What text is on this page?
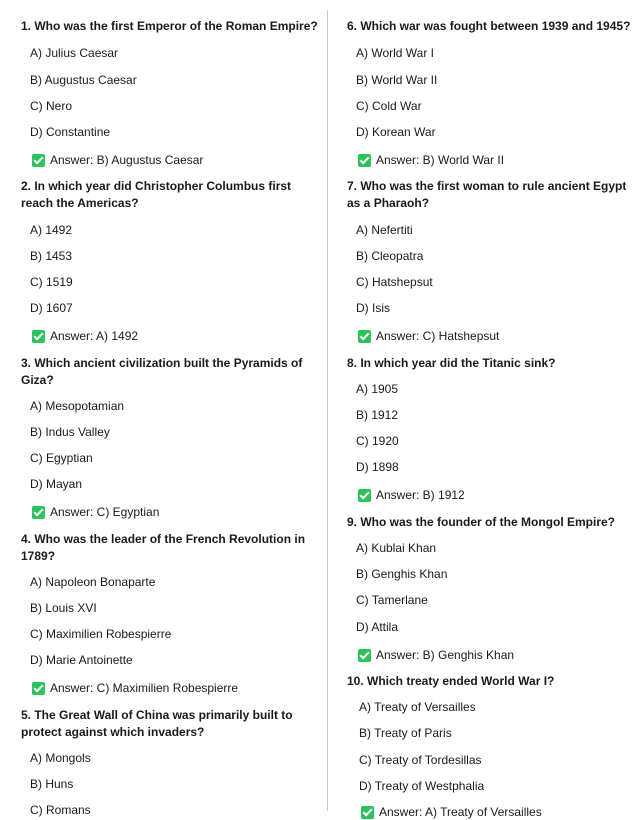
1. Who was the first Emperor of the Roman Empire?

A) Julius Caesar
B) Augustus Caesar
C) Nero
D) Constantine
Answer: B) Augustus Caesar

2. In which year did Christopher Columbus first reach the Americas?

A) 1492
B) 1453
C) 1519
D) 1607
Answer: A) 1492

3. Which ancient civilization built the Pyramids of Giza?

A) Mesopotamian
B) Indus Valley
C) Egyptian
D) Mayan
Answer: C) Egyptian

4. Who was the leader of the French Revolution in 1789?

A) Napoleon Bonaparte
B) Louis XVI
C) Maximilien Robespierre
D) Marie Antoinette
Answer: C) Maximilien Robespierre

5. The Great Wall of China was primarily built to protect against which invaders?

A) Mongols
B) Huns
C) Romans

6. Which war was fought between 1939 and 1945?

A) World War I
B) World War II
C) Cold War
D) Korean War
Answer: B) World War II

7. Who was the first woman to rule ancient Egypt as a Pharaoh?

A) Nefertiti
B) Cleopatra
C) Hatshepsut
D) Isis
Answer: C) Hatshepsut

8. In which year did the Titanic sink?

A) 1905
B) 1912
C) 1920
D) 1898
Answer: B) 1912

9. Who was the founder of the Mongol Empire?

A) Kublai Khan
B) Genghis Khan
C) Tamerlane
D) Attila
Answer: B) Genghis Khan

10. Which treaty ended World War I?

A) Treaty of Versailles
B) Treaty of Paris
C) Treaty of Tordesillas
D) Treaty of Westphalia
Answer: A) Treaty of Versailles
